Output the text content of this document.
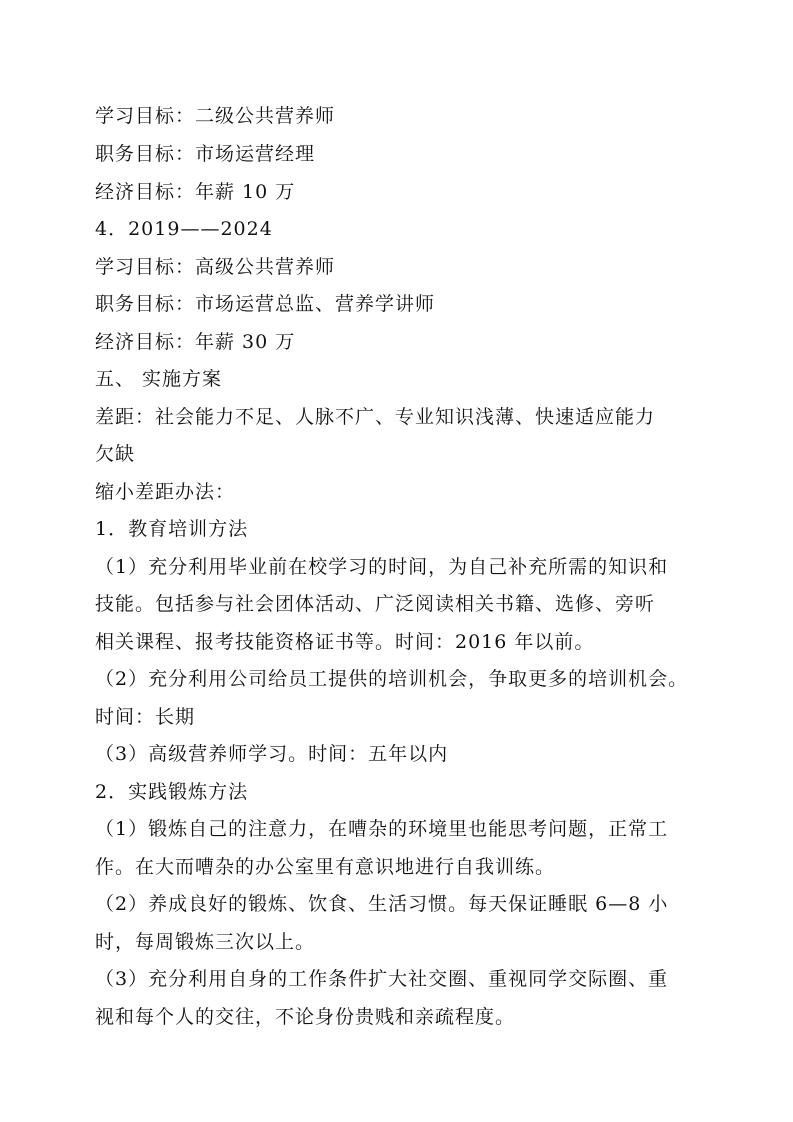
学习目标：二级公共营养师
职务目标：市场运营经理
经济目标：年薪 10 万
4．2019——2024
学习目标：高级公共营养师
职务目标：市场运营总监、营养学讲师
经济目标：年薪 30 万
五、 实施方案
差距：社会能力不足、人脉不广、专业知识浅薄、快速适应能力
欠缺
缩小差距办法：
1．教育培训方法
（1）充分利用毕业前在校学习的时间，为自己补充所需的知识和
技能。包括参与社会团体活动、广泛阅读相关书籍、选修、旁听
相关课程、报考技能资格证书等。时间：2016 年以前。
（2）充分利用公司给员工提供的培训机会，争取更多的培训机会。
时间：长期
（3）高级营养师学习。时间：五年以内
2．实践锻炼方法
（1）锻炼自己的注意力，在嘈杂的环境里也能思考问题，正常工
作。在大而嘈杂的办公室里有意识地进行自我训练。
（2）养成良好的锻炼、饮食、生活习惯。每天保证睡眠 6—8 小
时，每周锻炼三次以上。
（3）充分利用自身的工作条件扩大社交圈、重视同学交际圈、重
视和每个人的交往，不论身份贵贱和亲疏程度。
